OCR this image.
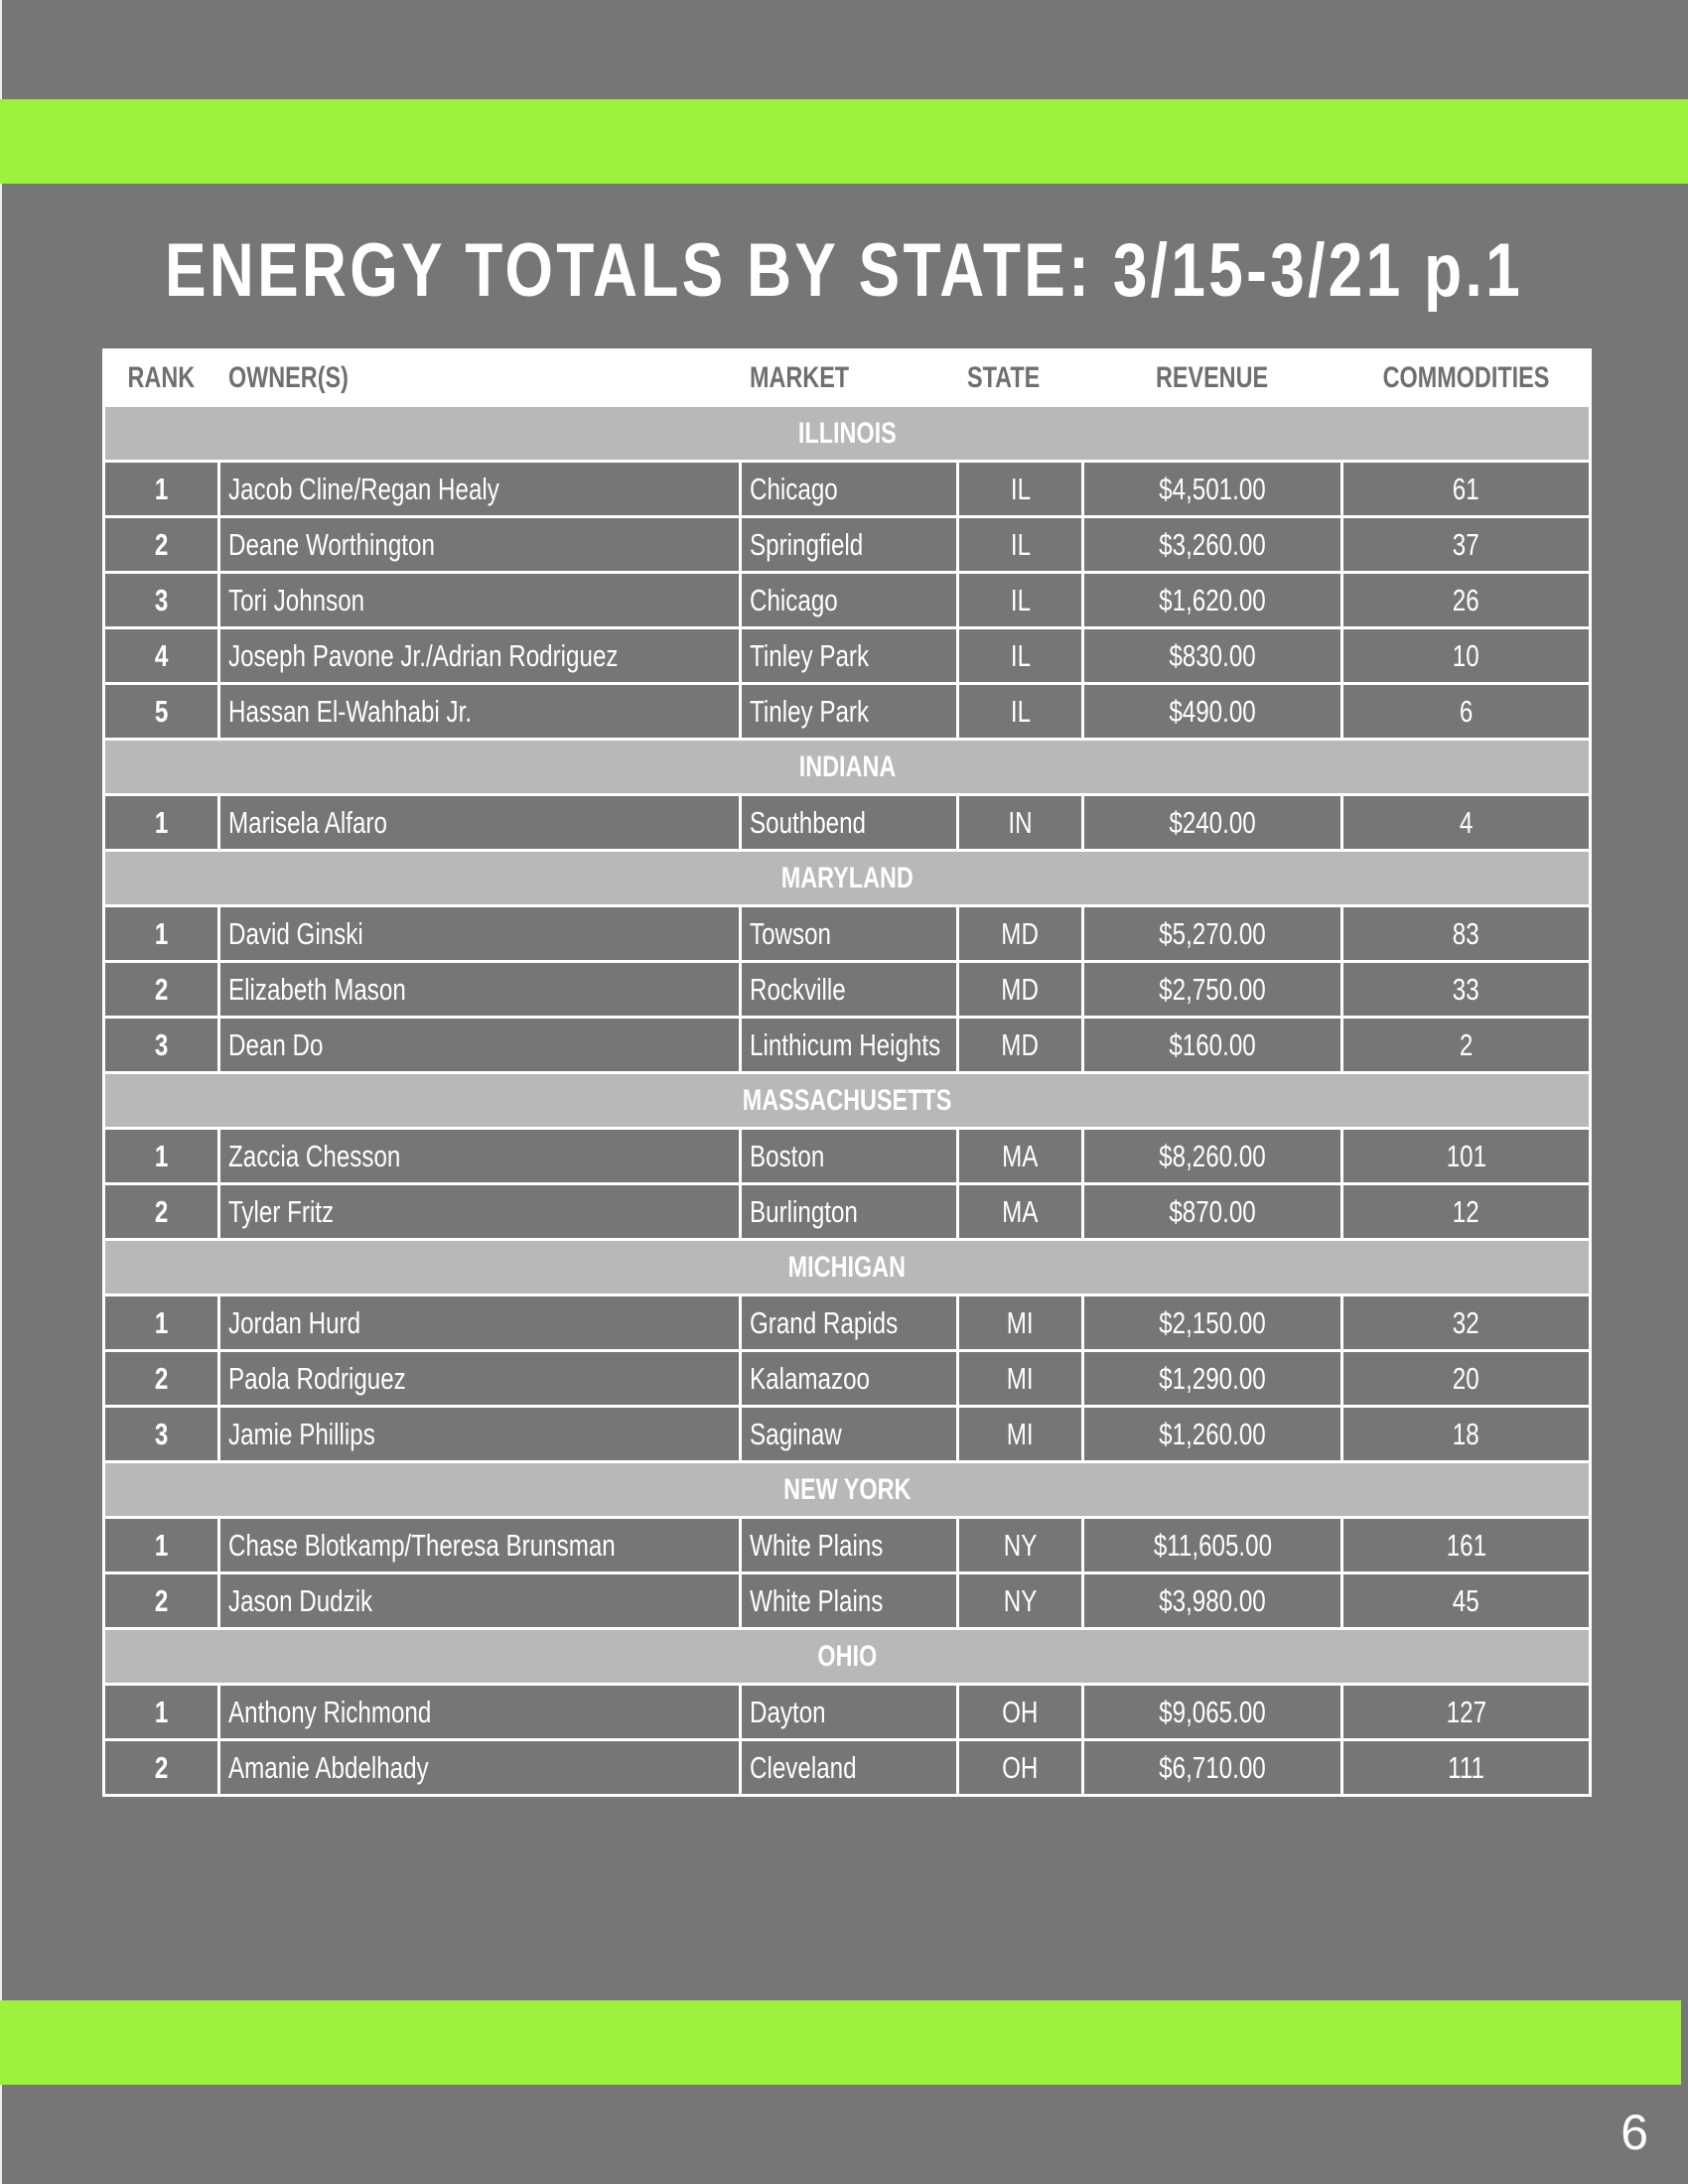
ENERGY TOTALS BY STATE: 3/15-3/21 p.1
RANK	OWNER(S)	MARKET	STATE	REVENUE	COMMODITIES
ILLINOIS					
1	Jacob Cline/Regan Healy	Chicago	IL	$4,501.00	61
2	Deane Worthington	Springfield	IL	$3,260.00	37
3	Tori Johnson	Chicago	IL	$1,620.00	26
4	Joseph Pavone Jr./Adrian Rodriguez	Tinley Park	IL	$830.00	10
5	Hassan El-Wahhabi Jr.	Tinley Park	IL	$490.00	6
INDIANA					
1	Marisela Alfaro	Southbend	IN	$240.00	4
MARYLAND					
1	David Ginski	Towson	MD	$5,270.00	83
2	Elizabeth Mason	Rockville	MD	$2,750.00	33
3	Dean Do	Linthicum Heights	MD	$160.00	2
MASSACHUSETTS					
1	Zaccia Chesson	Boston	MA	$8,260.00	101
2	Tyler Fritz	Burlington	MA	$870.00	12
MICHIGAN					
1	Jordan Hurd	Grand Rapids	MI	$2,150.00	32
2	Paola Rodriguez	Kalamazoo	MI	$1,290.00	20
3	Jamie Phillips	Saginaw	MI	$1,260.00	18
NEW YORK					
1	Chase Blotkamp/Theresa Brunsman	White Plains	NY	$11,605.00	161
2	Jason Dudzik	White Plains	NY	$3,980.00	45
OHIO					
1	Anthony Richmond	Dayton	OH	$9,065.00	127
2	Amanie Abdelhady	Cleveland	OH	$6,710.00	111
6
